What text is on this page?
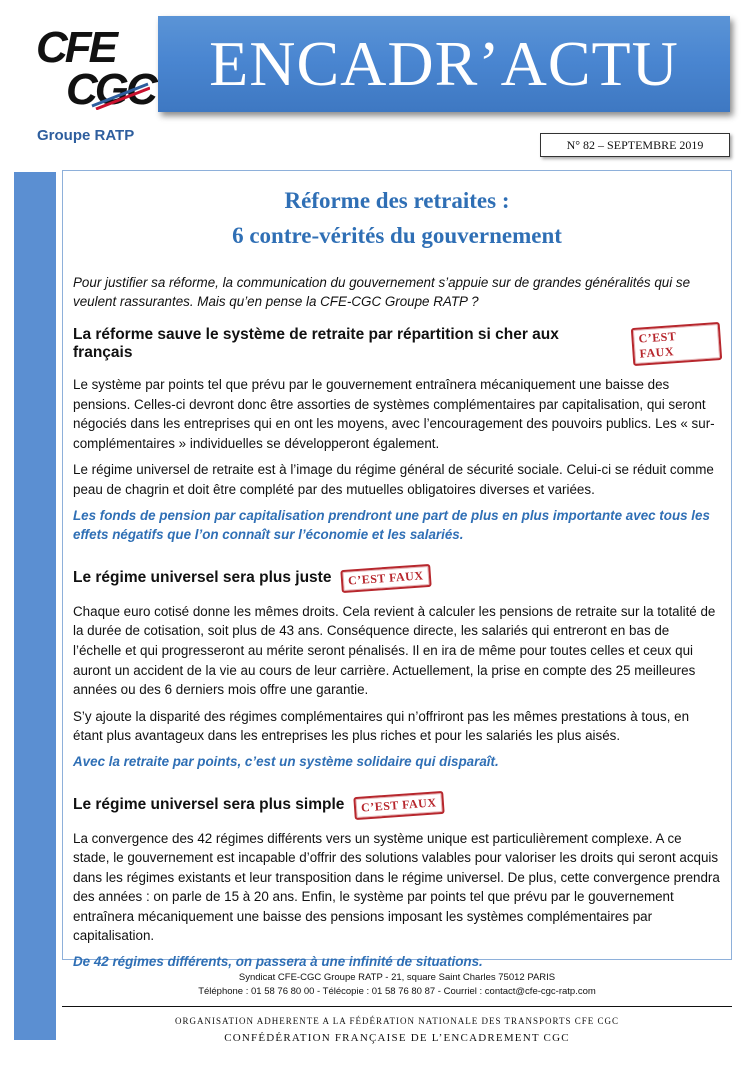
CFE
CGC
Groupe RATP
ENCADR’ACTU
N° 82 – SEPTEMBRE 2019
Réforme des retraites :
6 contre-vérités du gouvernement

Pour justifier sa réforme, la communication du gouvernement s’appuie sur de grandes généralités qui se veulent rassurantes. Mais qu’en pense la CFE-CGC Groupe RATP ?

La réforme sauve le système de retraite par répartition si cher aux français
C’EST FAUX

Le système par points tel que prévu par le gouvernement entraînera mécaniquement une baisse des pensions. Celles-ci devront donc être assorties de systèmes complémentaires par capitalisation, qui seront négociés dans les entreprises qui en ont les moyens, avec l’encouragement des pouvoirs publics. Les « sur-complémentaires » individuelles se développeront également.

Le régime universel de retraite est à l’image du régime général de sécurité sociale. Celui-ci se réduit comme peau de chagrin et doit être complété par des mutuelles obligatoires diverses et variées.

Les fonds de pension par capitalisation prendront une part de plus en plus importante avec tous les effets négatifs que l’on connaît sur l’économie et les salariés.

Le régime universel sera plus juste	C’EST FAUX

Chaque euro cotisé donne les mêmes droits. Cela revient à calculer les pensions de retraite sur la totalité de la durée de cotisation, soit plus de 43 ans. Conséquence directe, les salariés qui entreront en bas de l’échelle et qui progresseront au mérite seront pénalisés. Il en ira de même pour toutes celles et ceux qui auront un accident de la vie au cours de leur carrière. Actuellement, la prise en compte des 25 meilleures années ou des 6 derniers mois offre une garantie.

S’y ajoute la disparité des régimes complémentaires qui n’offriront pas les mêmes prestations à tous, en étant plus avantageux dans les entreprises les plus riches et pour les salariés les plus aisés.

Avec la retraite par points, c’est un système solidaire qui disparaît.

Le régime universel sera plus simple	C’EST FAUX

La convergence des 42 régimes différents vers un système unique est particulièrement complexe. A ce stade, le gouvernement est incapable d’offrir des solutions valables pour valoriser les droits qui seront acquis dans les régimes existants et leur transposition dans le régime universel. De plus, cette convergence prendra des années : on parle de 15 à 20 ans. Enfin, le système par points tel que prévu par le gouvernement entraînera mécaniquement une baisse des pensions imposant les systèmes complémentaires par capitalisation.

De 42 régimes différents, on passera à une infinité de situations.

Syndicat CFE-CGC Groupe RATP - 21, square Saint Charles 75012 PARIS
Téléphone : 01 58 76 80 00 - Télécopie : 01 58 76 80 87 - Courriel : contact@cfe-cgc-ratp.com
ORGANISATION ADHERENTE A LA FÉDÉRATION NATIONALE DES TRANSPORTS CFE CGC
CONFÉDÉRATION FRANÇAISE DE L’ENCADREMENT CGC
